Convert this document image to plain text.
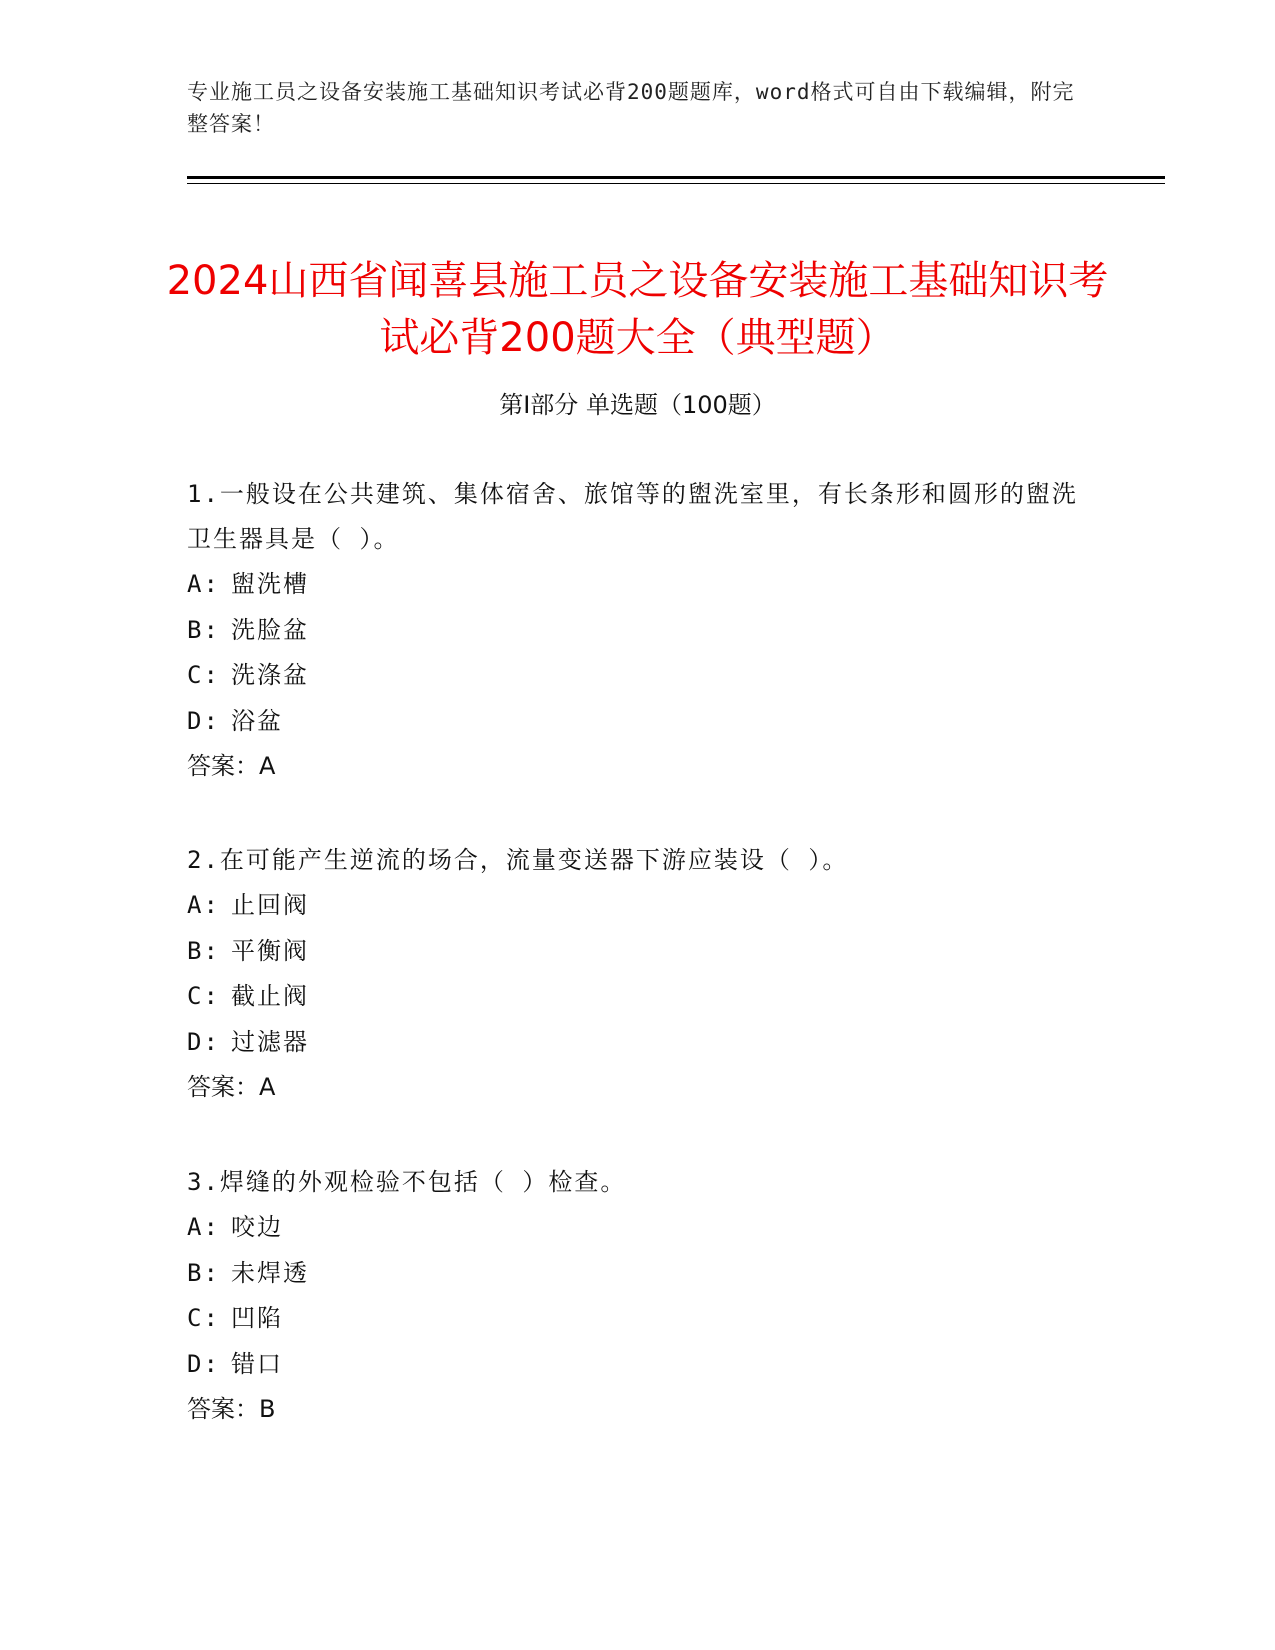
专业施工员之设备安装施工基础知识考试必背200题题库，word格式可自由下载编辑，附完整答案！
2024山西省闻喜县施工员之设备安装施工基础知识考试必背200题大全（典型题）
第Ⅰ部分 单选题（100题）

1.一般设在公共建筑、集体宿舍、旅馆等的盥洗室里，有长条形和圆形的盥洗卫生器具是（ ）。

A: 盥洗槽

B: 洗脸盆

C: 洗涤盆

D: 浴盆

答案：A

2.在可能产生逆流的场合，流量变送器下游应装设（ ）。

A: 止回阀

B: 平衡阀

C: 截止阀

D: 过滤器

答案：A

3.焊缝的外观检验不包括（ ）检查。

A: 咬边

B: 未焊透

C: 凹陷

D: 错口

答案：B
